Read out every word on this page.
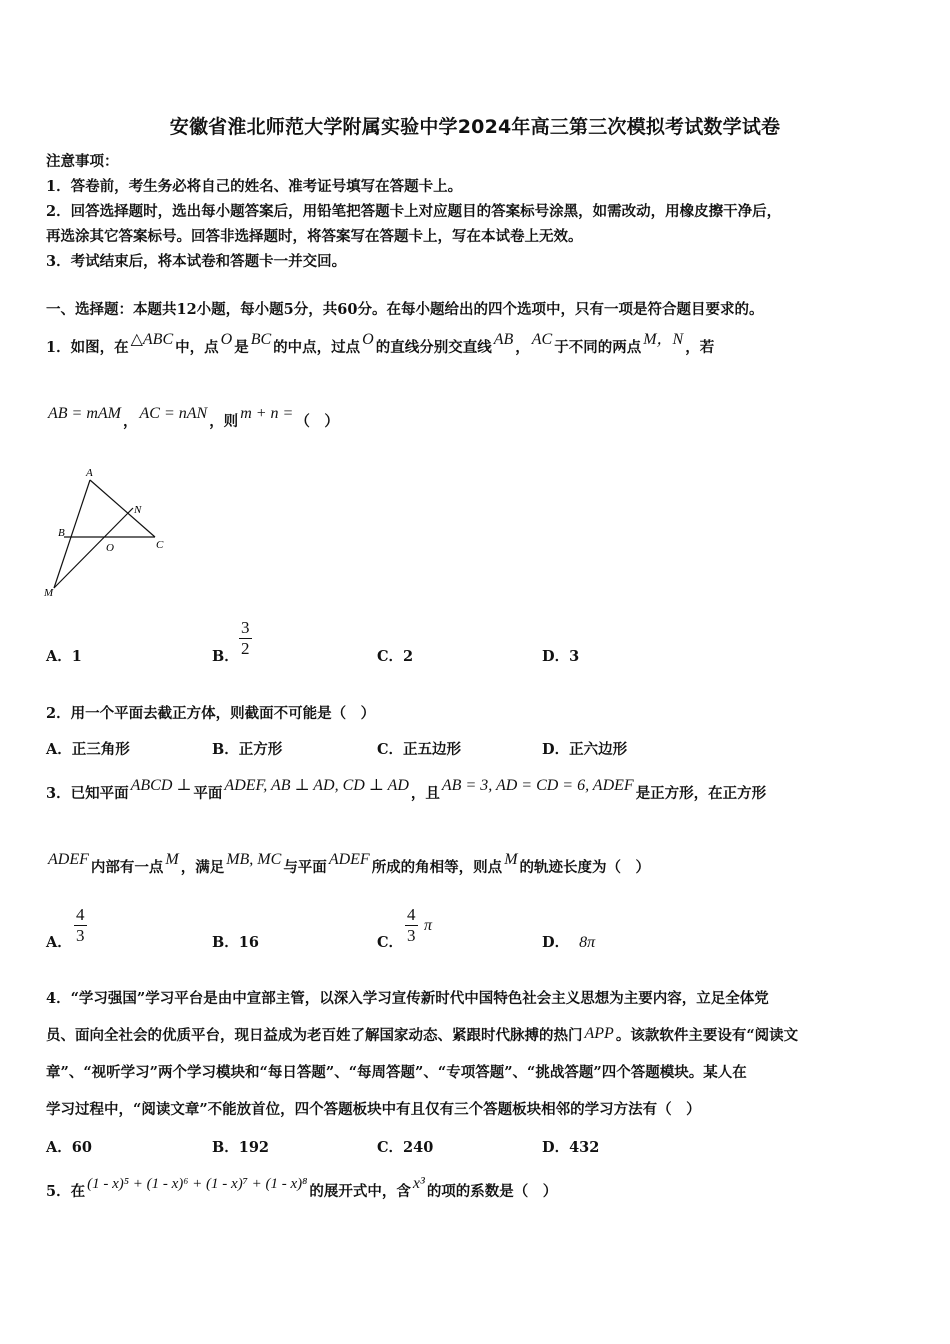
安徽省淮北师范大学附属实验中学2024年高三第三次模拟考试数学试卷
注意事项：
1．答卷前，考生务必将自己的姓名、准考证号填写在答题卡上。
2．回答选择题时，选出每小题答案后，用铅笔把答题卡上对应题目的答案标号涂黑，如需改动，用橡皮擦干净后，
再选涂其它答案标号。回答非选择题时，将答案写在答题卡上，写在本试卷上无效。
3．考试结束后，将本试卷和答题卡一并交回。
一、选择题：本题共12小题，每小题5分，共60分。在每小题给出的四个选项中，只有一项是符合题目要求的。
1．如图，在 △ABC 中，点 O 是 BC 的中点，过点 O 的直线分别交直线 AB ， AC 于不同的两点 M，N ，若
AB = mAM ， AC = nAN ，则 m + n = （　）
A
B
C
N
O
M
A．1	B． $\frac{3}{2}$	C．2	D．3
2．用一个平面去截正方体，则截面不可能是（　）
A．正三角形	B．正方形	C．正五边形	D．正六边形
3．已知平面 ABCD ⊥ 平面 ADEF, AB ⊥ AD, CD ⊥ AD ，且 AB = 3, AD = CD = 6, ADEF 是正方形，在正方形
ADEF 内部有一点 M ，满足 MB, MC 与平面 ADEF 所成的角相等，则点 M 的轨迹长度为（　）
A． $\frac{4}{3}$	B．16	C． $\frac{4}{3}$ π
D． 8π
4．“学习强国”学习平台是由中宣部主管，以深入学习宣传新时代中国特色社会主义思想为主要内容，立足全体党
员、面向全社会的优质平台，现日益成为老百姓了解国家动态、紧跟时代脉搏的热门 APP 。该款软件主要设有“阅读文
章”、“视听学习”两个学习模块和“每日答题”、“每周答题”、“专项答题”、“挑战答题”四个答题模块。某人在
学习过程中，“阅读文章”不能放首位，四个答题板块中有且仅有三个答题板块相邻的学习方法有（　）
A．60	B．192	C．240	D．432
5．在 (1 - x)⁵ + (1 - x)⁶ + (1 - x)⁷ + (1 - x)⁸ 的展开式中，含 x³ 的项的系数是（　）
